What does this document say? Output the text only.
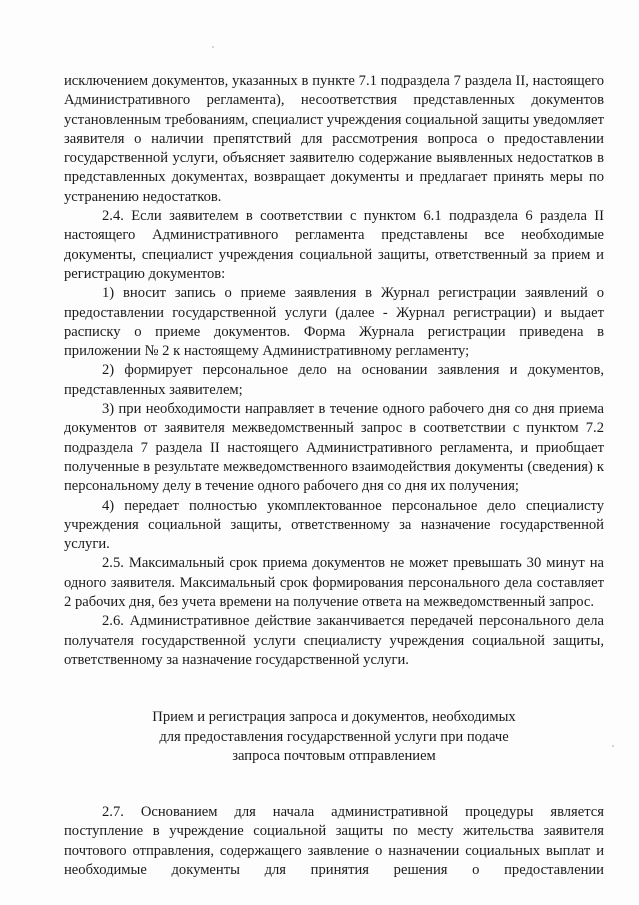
исключением документов, указанных в пункте 7.1 подраздела 7 раздела II, настоящего Административного регламента), несоответствия представленных документов установленным требованиям, специалист учреждения социальной защиты уведомляет заявителя о наличии препятствий для рассмотрения вопроса о предоставлении государственной услуги, объясняет заявителю содержание выявленных недостатков в представленных документах, возвращает документы и предлагает принять меры по устранению недостатков.

2.4. Если заявителем в соответствии с пунктом 6.1 подраздела 6 раздела II настоящего Административного регламента представлены все необходимые документы, специалист учреждения социальной защиты, ответственный за прием и регистрацию документов:

1) вносит запись о приеме заявления в Журнал регистрации заявлений о предоставлении государственной услуги (далее - Журнал регистрации) и выдает расписку о приеме документов. Форма Журнала регистрации приведена в приложении № 2 к настоящему Административному регламенту;

2) формирует персональное дело на основании заявления и документов, представленных заявителем;

3) при необходимости направляет в течение одного рабочего дня со дня приема документов от заявителя межведомственный запрос в соответствии с пунктом 7.2 подраздела 7 раздела II настоящего Административного регламента, и приобщает полученные в результате межведомственного взаимодействия документы (сведения) к персональному делу в течение одного рабочего дня со дня их получения;

4) передает полностью укомплектованное персональное дело специалисту учреждения социальной защиты, ответственному за назначение государственной услуги.

2.5. Максимальный срок приема документов не может превышать 30 минут на одного заявителя. Максимальный срок формирования персонального дела составляет 2 рабочих дня, без учета времени на получение ответа на межведомственный запрос.

2.6. Административное действие заканчивается передачей персонального дела получателя государственной услуги специалисту учреждения социальной защиты, ответственному за назначение государственной услуги.

Прием и регистрация запроса и документов, необходимых
для предоставления государственной услуги при подаче
запроса почтовым отправлением

2.7. Основанием для начала административной процедуры является поступление в учреждение социальной защиты по месту жительства заявителя почтового отправления, содержащего заявление о назначении социальных выплат и необходимые документы для принятия решения о предоставлении
